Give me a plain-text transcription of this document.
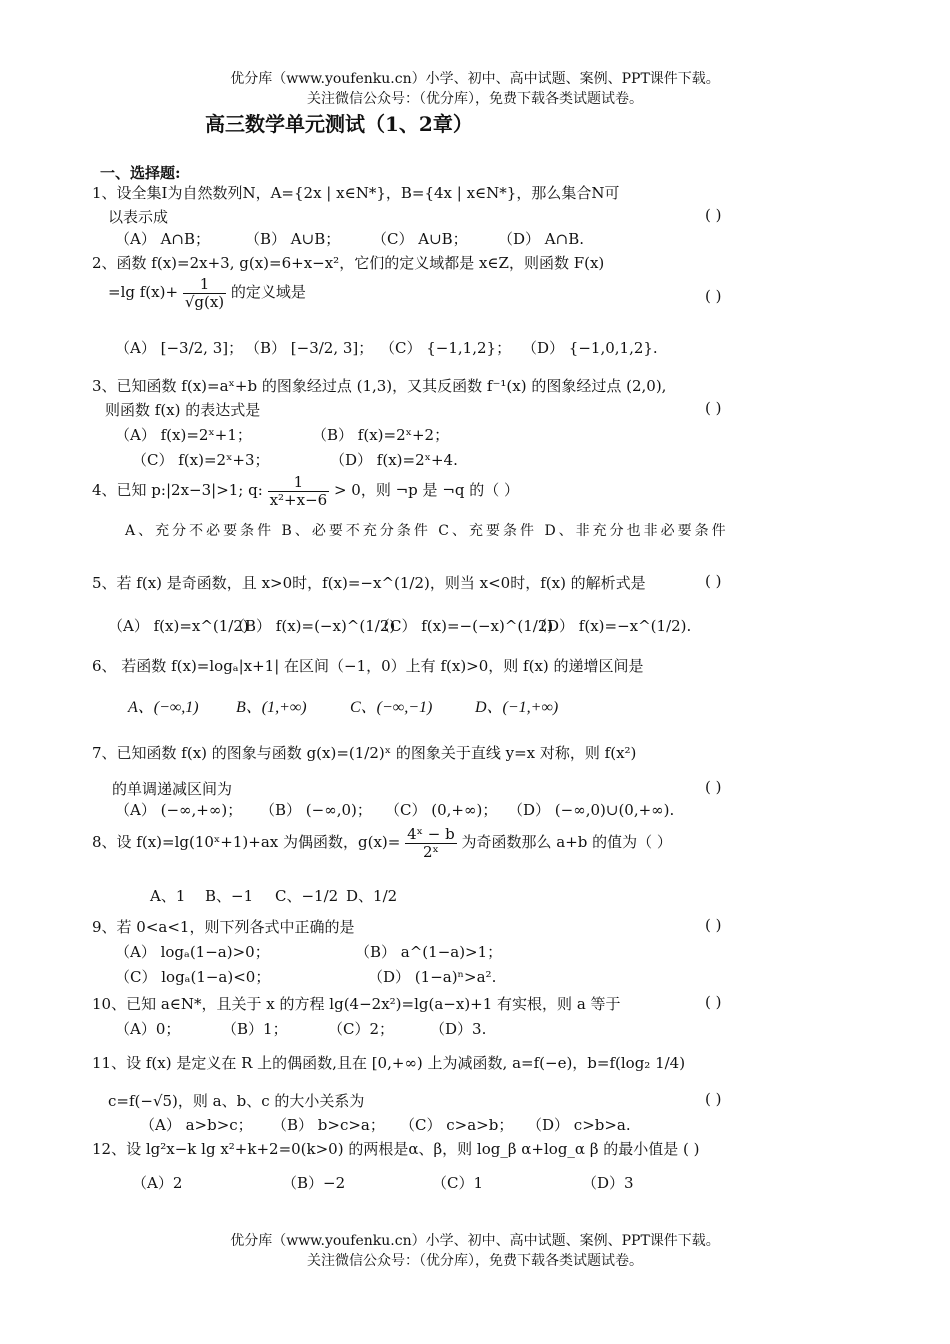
优分库（www.youfenku.cn）小学、初中、高中试题、案例、PPT课件下载。
关注微信公众号：（优分库），免费下载各类试题试卷。
高三数学单元测试（1、2章）
一、选择题:
1、设全集I为自然数列N，A={2x | x∈N*}，B={4x | x∈N*}，那么集合N可
以表示成	( )
（A） A∩B； （B） A∪B； （C） A∪B； （D） A∩B.
2、函数 f(x)=2x+3, g(x)=6+x−x²，它们的定义域都是 x∈Z，则函数 F(x)
=lg $f(x)+ \frac{1}{√g(x)}$ 的定义域是	( )
（A） [−3/2, 3]； （B） [−3/2, 3]； （C） {−1,1,2}； （D） {−1,0,1,2}.
3、已知函数 f(x)=aˣ+b 的图象经过点 (1,3)，又其反函数 f⁻¹(x) 的图象经过点 (2,0),
则函数 f(x) 的表达式是	( )
（A） f(x)=2ˣ+1；	（B） f(x)=2ˣ+2；
（C） f(x)=2ˣ+3；	（D） f(x)=2ˣ+4.
4、已知 p:|2x−3|>1; q: $\frac{1}{\text{x²+x−6}} > 0$，则 ¬p 是 ¬q 的（ ）
A、充分不必要条件 B、必要不充分条件 C、充要条件 D、非充分也非必要条件
5、若 f(x) 是奇函数，且 x>0时，f(x)=−x^(1/2)，则当 x<0时，f(x) 的解析式是	( )
（A） f(x)=x^(1/2)
（B） f(x)=(−x)^(1/2)
（C） f(x)=−(−x)^(1/2)
（D） f(x)=−x^(1/2).
6、 若函数 f(x)=logₐ|x+1| 在区间（−1，0）上有 f(x)>0，则 f(x) 的递增区间是
A、(−∞,1) B、(1,+∞)	C、(−∞,−1)	D、(−1,+∞)
7、已知函数 f(x) 的图象与函数 g(x)=(1/2)ˣ 的图象关于直线 y=x 对称，则 f(x²)
的单调递减区间为	( )
（A） (−∞,+∞)； （B） (−∞,0)； （C） (0,+∞)； （D） (−∞,0)∪(0,+∞).
8、设 f(x)=lg(10ˣ+1)+ax 为偶函数，$g(x)= \frac{\text{4ˣ − b}}{\text{2ˣ}}$ 为奇函数那么 a+b 的值为（ ）
A、1 B、−1 C、−1/2 D、1/2
9、若 0<a<1，则下列各式中正确的是	( )
（A） logₐ(1−a)>0；	（B） a^(1−a)>1；
（C） logₐ(1−a)<0；	（D） (1−a)ⁿ>a².
10、已知 a∈N*，且关于 x 的方程 lg(4−2x²)=lg(a−x)+1 有实根，则 a 等于	( )
（A）0；	（B）1；	（C）2； （D）3.
11、设 f(x) 是定义在 R 上的偶函数,且在 [0,+∞) 上为减函数, a=f(−e)，b=f(log₂ 1/4)
c=f(−√5)，则 a、b、c 的大小关系为	( )
（A） a>b>c； （B） b>c>a； （C） c>a>b； （D） c>b>a.
12、设 lg²x−k lg x²+k+2=0(k>0) 的两根是α、β，则 log_β α+log_α β 的最小值是 ( )
（A）2	（B）−2	（C）1	（D）3
优分库（www.youfenku.cn）小学、初中、高中试题、案例、PPT课件下载。
关注微信公众号：（优分库），免费下载各类试题试卷。
